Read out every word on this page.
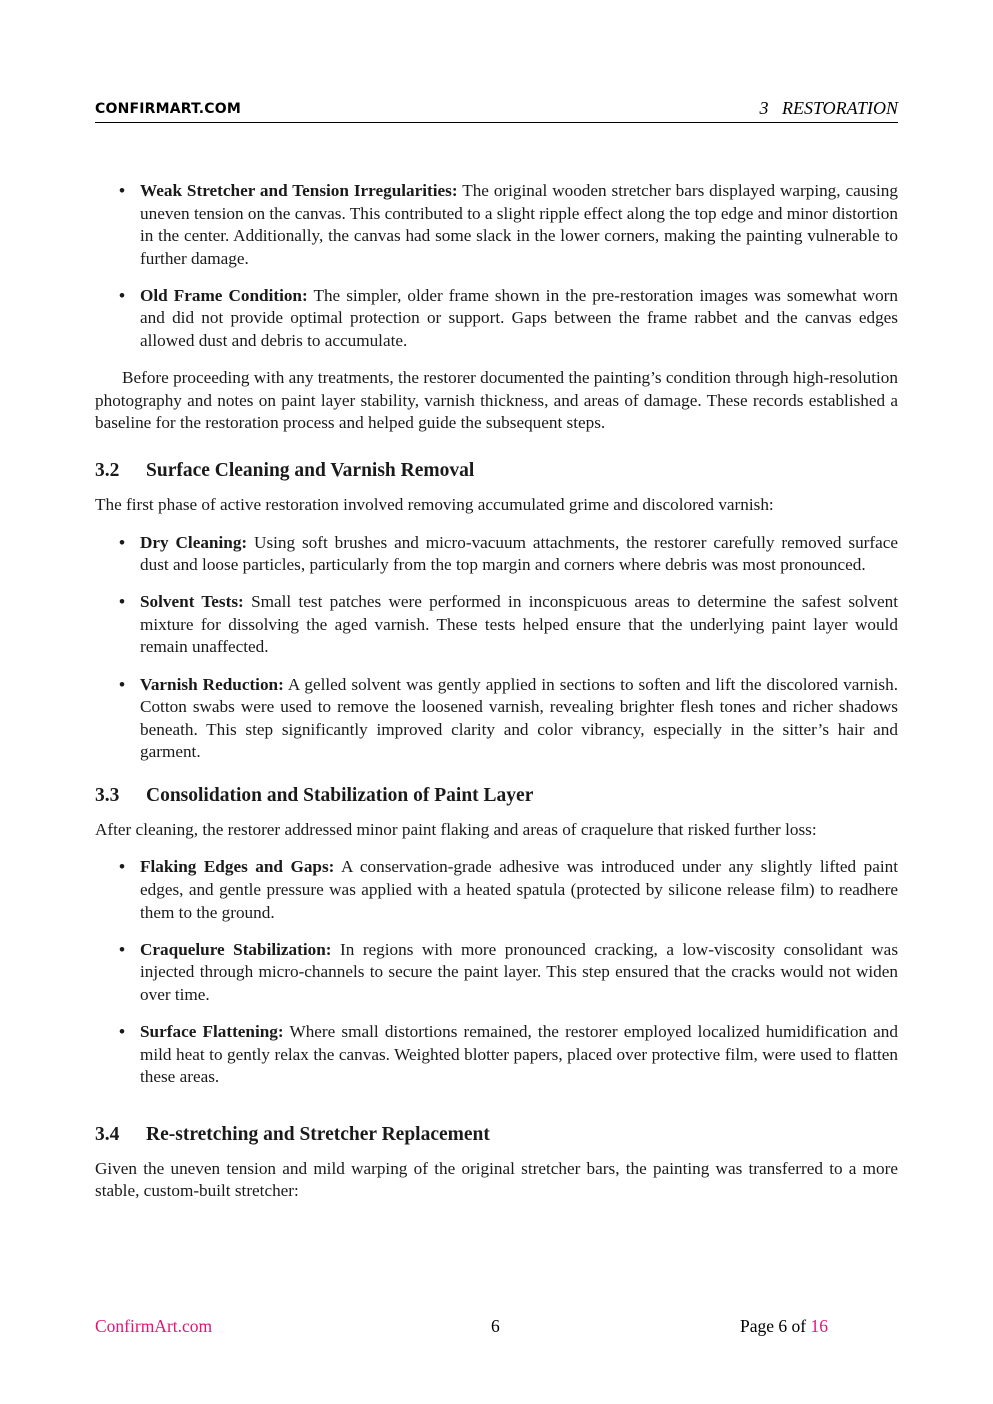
CONFIRMART.COM	3   RESTORATION
• Weak Stretcher and Tension Irregularities: The original wooden stretcher bars displayed warping, causing uneven tension on the canvas. This contributed to a slight ripple effect along the top edge and minor distortion in the center. Additionally, the canvas had some slack in the lower corners, making the painting vulnerable to further damage.
• Old Frame Condition: The simpler, older frame shown in the pre-restoration images was somewhat worn and did not provide optimal protection or support. Gaps between the frame rabbet and the canvas edges allowed dust and debris to accumulate.

Before proceeding with any treatments, the restorer documented the painting’s condition through high-resolution photography and notes on paint layer stability, varnish thickness, and areas of damage. These records established a baseline for the restoration process and helped guide the subsequent steps.

3.2 Surface Cleaning and Varnish Removal

The first phase of active restoration involved removing accumulated grime and discolored varnish:

• Dry Cleaning: Using soft brushes and micro-vacuum attachments, the restorer carefully removed surface dust and loose particles, particularly from the top margin and corners where debris was most pronounced.
• Solvent Tests: Small test patches were performed in inconspicuous areas to determine the safest solvent mixture for dissolving the aged varnish. These tests helped ensure that the underlying paint layer would remain unaffected.
• Varnish Reduction: A gelled solvent was gently applied in sections to soften and lift the discolored varnish. Cotton swabs were used to remove the loosened varnish, revealing brighter flesh tones and richer shadows beneath. This step significantly improved clarity and color vibrancy, especially in the sitter’s hair and garment.
3.3 Consolidation and Stabilization of Paint Layer

After cleaning, the restorer addressed minor paint flaking and areas of craquelure that risked further loss:

• Flaking Edges and Gaps: A conservation-grade adhesive was introduced under any slightly lifted paint edges, and gentle pressure was applied with a heated spatula (protected by silicone release film) to readhere them to the ground.
• Craquelure Stabilization: In regions with more pronounced cracking, a low-viscosity consolidant was injected through micro-channels to secure the paint layer. This step ensured that the cracks would not widen over time.
• Surface Flattening: Where small distortions remained, the restorer employed localized humidification and mild heat to gently relax the canvas. Weighted blotter papers, placed over protective film, were used to flatten these areas.
3.4 Re-stretching and Stretcher Replacement

Given the uneven tension and mild warping of the original stretcher bars, the painting was transferred to a more stable, custom-built stretcher:

ConfirmArt.com	6	Page 6 of 16
